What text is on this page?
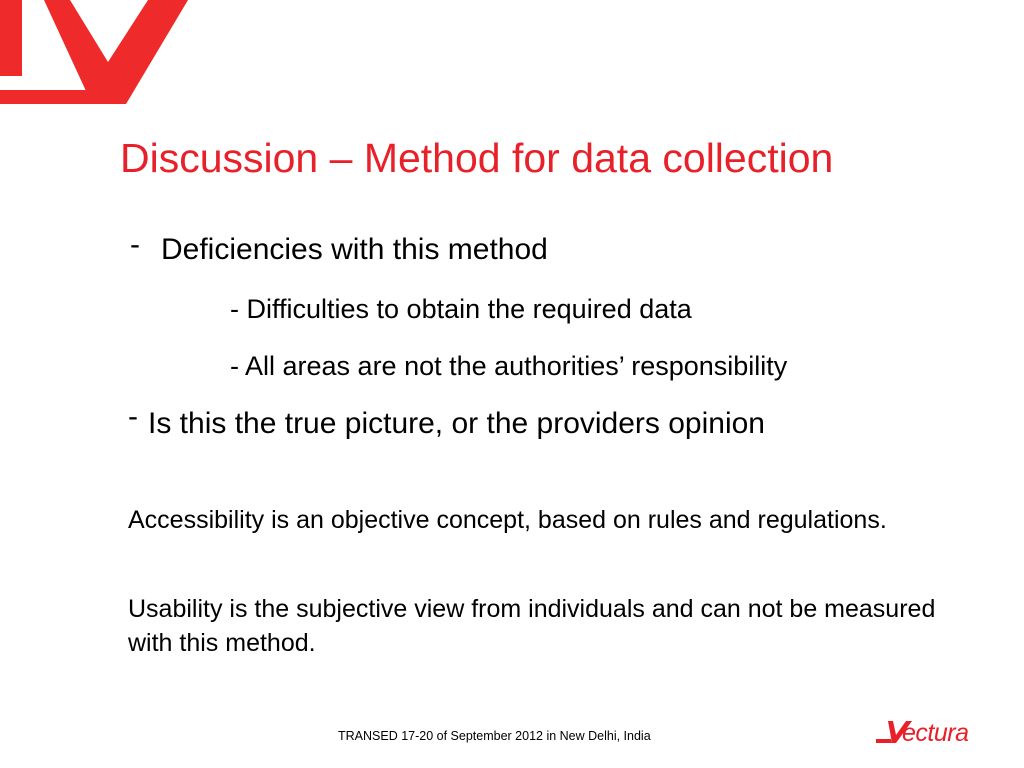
Discussion – Method for data collection
- Deficiencies with this method
- Difficulties to obtain the required data
- All areas are not the authorities’ responsibility
- Is this the true picture, or the providers opinion

Accessibility is an objective concept, based on rules and regulations.

Usability is the subjective view from individuals and can not be measured with this method.

TRANSED 17-20 of September 2012 in New Delhi, India	ectura
